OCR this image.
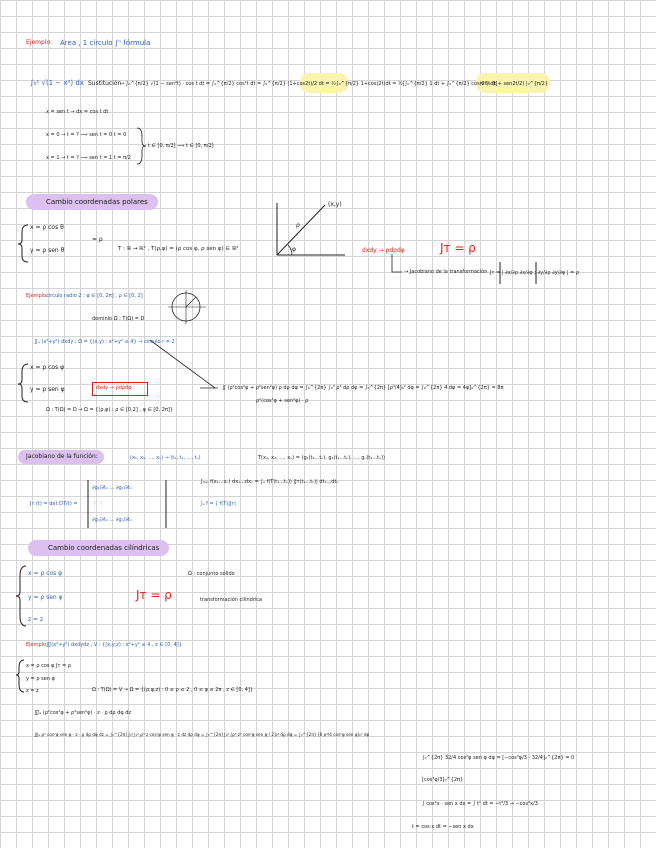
Ejemplo: Área , 1 círculo ∫ⁿ fórmula
∫₀¹ √(1 − x²) dx Sustitución
→ ∫₀^{π/2} √(1 − sen²t) · cos t dt = ∫₀^{π/2} cos²t dt = ∫₀^{π/2} (1+cos2t)/2 dt = ½∫₀^{π/2} 1+cos(2t)dt = ½[∫₀^{π/2} 1 dt + ∫₀^{π/2} cos(2t) dt]
= ½ (t + sen2t/2) |₀^{π/2}
x = sen t → dx = cos t dt
x = 0 → t = ? ⟹ sen t = 0 t = 0
x = 1 → t = ? ⟹ sen t = 1 t = π/2
t ∈ [0, π/2] ⟹ t ∈ [0, π/2]
Cambio coordenadas polares
x = ρ cos θ
y = ρ sen θ
= ρ
T : ℝ → ℝ² , T(ρ,φ) = (ρ cos φ, ρ sen φ) ∈ ℝ²
ρ
φ
(x,y)
dxdy → ρdρdφ	Jᴛ = ρ
→ Jacobiano de la transformación Jᴛ = | ∂x/∂ρ ∂x/∂φ ; ∂y/∂ρ ∂y/∂φ | = ρ
Ejemplo:
círculo radio 2 ; φ ∈ [0, 2π] ; ρ ∈ [0, 2]
dominio Ω : T(Ω) = D
∬ₐ (x²+y²) dxdy ; Ω = {(x,y) : x²+y² ≤ 4} → círculo r = 2
x = ρ cos φ
y = ρ sen φ	dxdy → ρdρdφ
Ω : T(Ω) = D → Ω = {(ρ,φ) : ρ ∈ [0,2] , φ ∈ [0, 2π]}
∬ (ρ²cos²φ + ρ²sen²φ) ρ dρ dφ = ∫₀^{2π} ∫₀² ρ³ dρ dφ = ∫₀^{2π} [ρ⁴/4]₀² dφ = ∫₀^{2π} 4 dφ = 4φ]₀^{2π} = 8π
ρ²(cos²φ + sen²φ) · ρ
Jacobiano de la función:	(x₁, x₂, ..., xₙ) → (t₁, t₂, ..., tₙ)	T(x₁, x₂, ..., xₙ) = (g₁(t₁...tₙ), g₂(t₁...tₙ), ..., gₙ(t₁...tₙ))
∫ₜ₍ₐ₎ f(x₁...xₙ) dx₁...dxₙ = ∫ₐ f(T(t₁...tₙ)) |Jᴛ(t₁...tₙ)| dt₁...dtₙ
Jᴛ (t) = det DT(t) =
∂g₁/∂t₁ ... ∂g₁/∂tₙ
⋮ ⋮
∂gₙ/∂t₁ ... ∂gₙ/∂tₙ
∫ₐ f = ∫ f(T)|Jᴛ|
Cambio coordenadas cilíndricas
x = ρ cos φ
y = ρ sen φ
z = z
Jᴛ = ρ
Ω : conjunto sólido
transformación cilíndrica
Ejemplo:
∭(x²+y²) dxdydz , V : {(x,y,z) : x²+y² ≤ 4 , z ∈ [0, 4]}
x = ρ cos φ Jᴛ = ρ
y = ρ sen φ
z = z	Ω : T(Ω) = V → Ω = {(ρ,φ,z) : 0 ≤ ρ ≤ 2 , 0 ≤ φ ≤ 2π , z ∈ [0, 4]}
∭ₐ (ρ²cos²φ + ρ²sen²φ) · z · ρ dρ dφ dz
∭ₐ ρ³ cos²φ sen φ · z · ρ dρ dφ dz = ∫₀^{2π}∫₀²∫₀⁴ ρ³ z cos²φ sen φ · z dz dρ dφ = ∫₀^{2π}∫₀² [ρ³ z² cos²φ sen φ / 2]₀⁴ dρ dφ = ∫₀^{2π} [8 ρ⁴/4 cos²φ sen φ]₀² dφ
∫₀^{2π} 32/4 cos²φ sen φ dφ = [−cos³φ/3 · 32/4]₀^{2π} = 0
[cos³φ/3]₀^{2π}
∫ cos²x · sen x dx = ∫ t² dt = −t³/3 → −cos³x/3
t = cos x dt = −sen x dx
